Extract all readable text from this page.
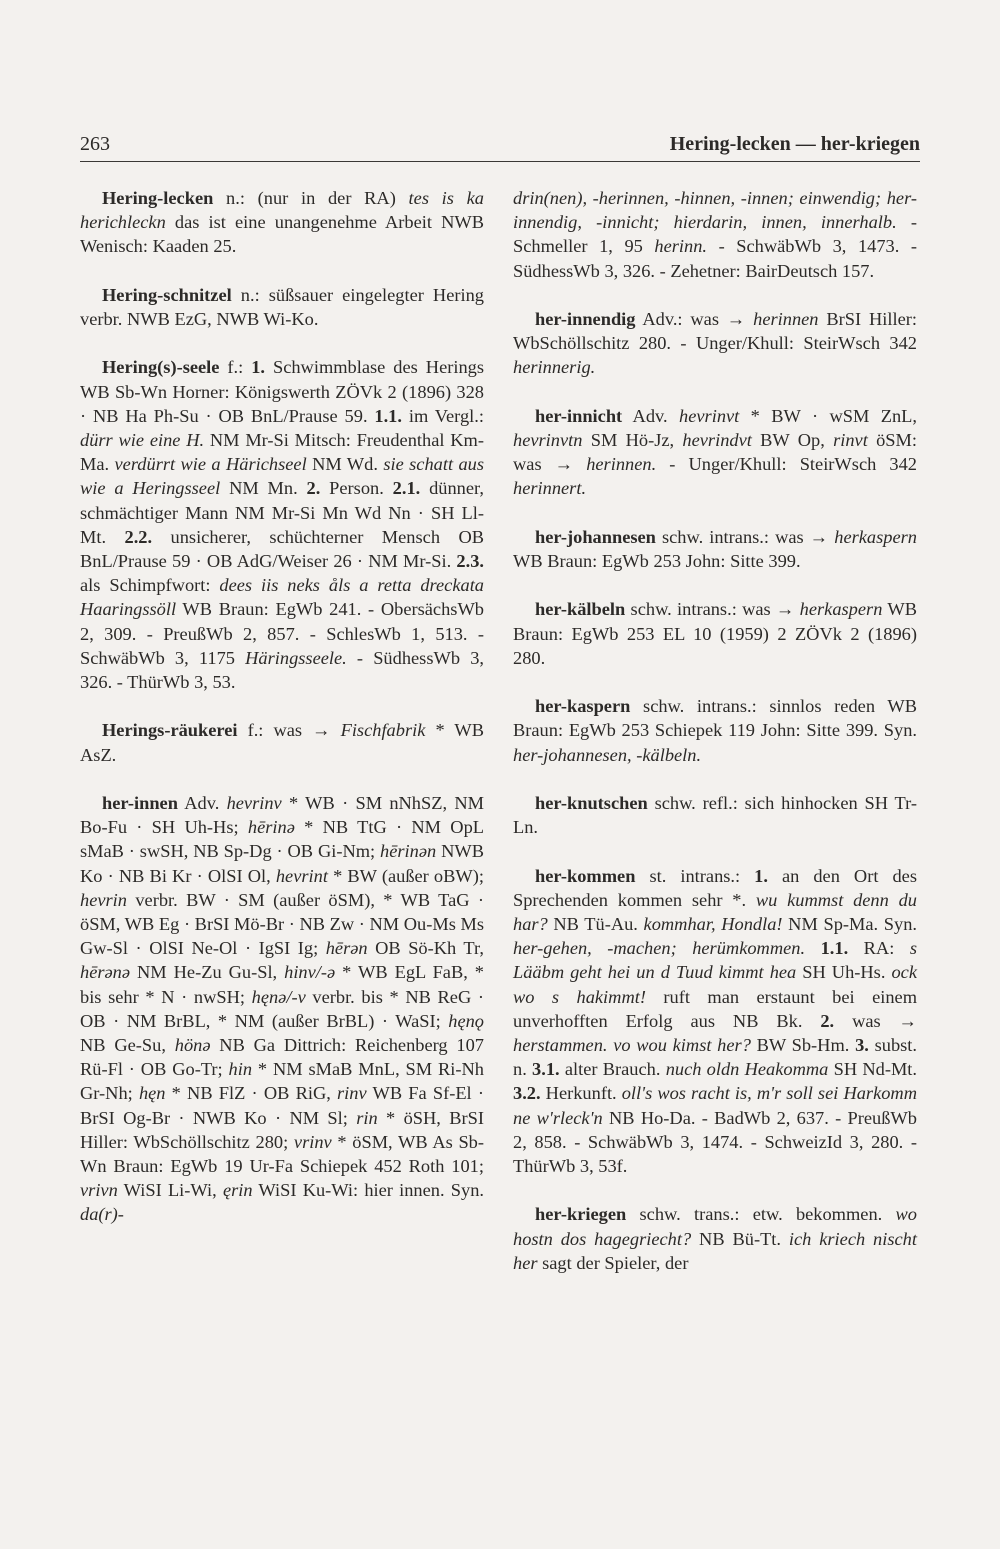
263	Hering-lecken — her-kriegen

Hering-lecken n.: (nur in der RA) tes is ka herichleckn das ist eine unangenehme Arbeit NWB Wenisch: Kaaden 25.

Hering-schnitzel n.: süßsauer eingelegter Hering verbr. NWB EzG, NWB Wi-Ko.

Hering(s)-seele f.: 1. Schwimmblase des Herings WB Sb-Wn Horner: Königswerth ZÖVk 2 (1896) 328 · NB Ha Ph-Su · OB BnL/Prause 59. 1.1. im Vergl.: dürr wie eine H. NM Mr-Si Mitsch: Freudenthal Km-Ma. verdürrt wie a Härichseel NM Wd. sie schatt aus wie a Heringsseel NM Mn. 2. Person. 2.1. dünner, schmächtiger Mann NM Mr-Si Mn Wd Nn · SH Ll-Mt. 2.2. unsicherer, schüchterner Mensch OB BnL/Prause 59 · OB AdG/Weiser 26 · NM Mr-Si. 2.3. als Schimpfwort: dees iis neks åls a retta dreckata Haaringssöll WB Braun: EgWb 241. - ObersächsWb 2, 309. - PreußWb 2, 857. - SchlesWb 1, 513. - SchwäbWb 3, 1175 Häringsseele. - SüdhessWb 3, 326. - ThürWb 3, 53.

Herings-räukerei f.: was → Fischfabrik * WB AsZ.

her-innen Adv. hevrinv * WB · SM nNhSZ, NM Bo-Fu · SH Uh-Hs; hērinə * NB TtG · NM OpL sMaB · swSH, NB Sp-Dg · OB Gi-Nm; hērinən NWB Ko · NB Bi Kr · OlSI Ol, hevrint * BW (außer oBW); hevrin verbr. BW · SM (außer öSM), * WB TaG · öSM, WB Eg · BrSI Mö-Br · NB Zw · NM Ou-Ms Ms Gw-Sl · OlSI Ne-Ol · IgSI Ig; hērən OB Sö-Kh Tr, hērənə NM He-Zu Gu-Sl, hinv/-ə * WB EgL FaB, * bis sehr * N · nwSH; hęnə/-v verbr. bis * NB ReG · OB · NM BrBL, * NM (außer BrBL) · WaSI; hęnǫ NB Ge-Su, hönə NB Ga Dittrich: Reichenberg 107 Rü-Fl · OB Go-Tr; hin * NM sMaB MnL, SM Ri-Nh Gr-Nh; hęn * NB FlZ · OB RiG, rinv WB Fa Sf-El · BrSI Og-Br · NWB Ko · NM Sl; rin * öSH, BrSI Hiller: WbSchöllschitz 280; vrinv * öSM, WB As Sb-Wn Braun: EgWb 19 Ur-Fa Schiepek 452 Roth 101; vrivn WiSI Li-Wi, ęrin WiSI Ku-Wi: hier innen. Syn. da(r)-

drin(nen), -herinnen, -hinnen, -innen; einwendig; her-innendig, -innicht; hierdarin, innen, innerhalb. -Schmeller 1, 95 herinn. - SchwäbWb 3, 1473. - SüdhessWb 3, 326. - Zehetner: BairDeutsch 157.

her-innendig Adv.: was → herinnen BrSI Hiller: WbSchöllschitz 280. - Unger/Khull: SteirWsch 342 herinnerig.

her-innicht Adv. hevrinvt * BW · wSM ZnL, hevrinvtn SM Hö-Jz, hevrindvt BW Op, rinvt öSM: was → herinnen. - Unger/Khull: SteirWsch 342 herinnert.

her-johannesen schw. intrans.: was → herkaspern WB Braun: EgWb 253 John: Sitte 399.

her-kälbeln schw. intrans.: was → herkaspern WB Braun: EgWb 253 EL 10 (1959) 2 ZÖVk 2 (1896) 280.

her-kaspern schw. intrans.: sinnlos reden WB Braun: EgWb 253 Schiepek 119 John: Sitte 399. Syn. her-johannesen, -kälbeln.

her-knutschen schw. refl.: sich hinhocken SH Tr-Ln.

her-kommen st. intrans.: 1. an den Ort des Sprechenden kommen sehr *. wu kummst denn du har? NB Tü-Au. kommhar, Hondla! NM Sp-Ma. Syn. her-gehen, -machen; herümkommen. 1.1. RA: s Lääbm geht hei un d Tuud kimmt hea SH Uh-Hs. ock wo s hakimmt! ruft man erstaunt bei einem unverhofften Erfolg aus NB Bk. 2. was → herstammen. vo wou kimst her? BW Sb-Hm. 3. subst. n. 3.1. alter Brauch. nuch oldn Heakomma SH Nd-Mt. 3.2. Herkunft. oll's wos racht is, m'r soll sei Harkomm ne w'rleck'n NB Ho-Da. - BadWb 2, 637. - PreußWb 2, 858. - SchwäbWb 3, 1474. - SchweizId 3, 280. - ThürWb 3, 53f.

her-kriegen schw. trans.: etw. bekommen. wo hostn dos hagegriecht? NB Bü-Tt. ich kriech nischt her sagt der Spieler, der
